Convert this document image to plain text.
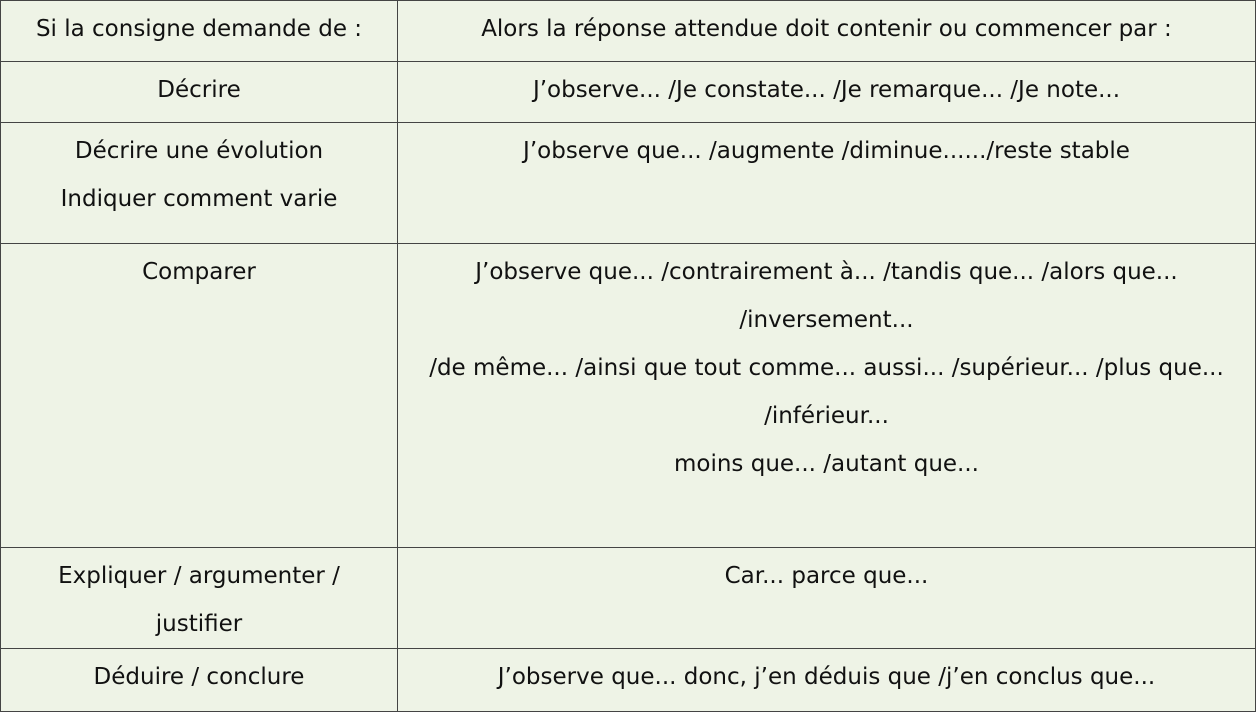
Si la consigne demande de :	Alors la réponse attendue doit contenir ou commencer par :

Décrire	J’observe... /Je constate... /Je remarque... /Je note...

Décrire une évolution
Indiquer comment varie	J’observe que... /augmente /diminue....../reste stable

Comparer	J’observe que... /contrairement à... /tandis que... /alors que... /inversement...
/de même... /ainsi que tout comme... aussi... /supérieur... /plus que... /inférieur...
moins que... /autant que...

Expliquer / argumenter / justifier	Car... parce que...

Déduire / conclure	J’observe que... donc, j’en déduis que /j’en conclus que...
